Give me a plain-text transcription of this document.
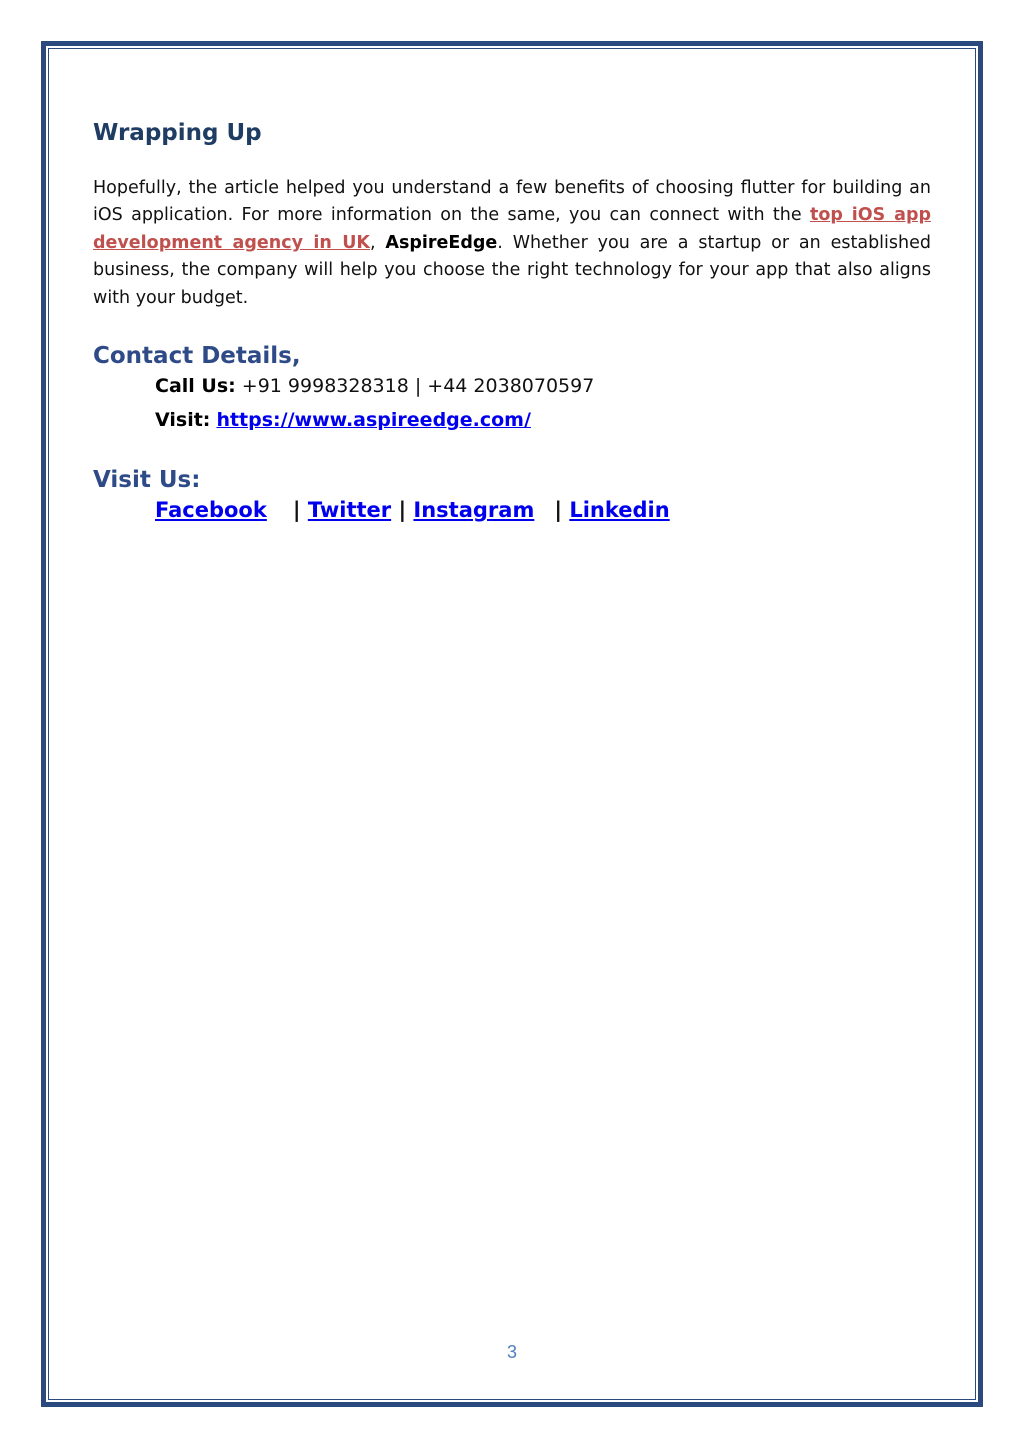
Wrapping Up

Hopefully, the article helped you understand a few benefits of choosing flutter for building an iOS application. For more information on the same, you can connect with the top iOS app development agency in UK, AspireEdge. Whether you are a startup or an established business, the company will help you choose the right technology for your app that also aligns with your budget.

Contact Details,
Call Us: +91 9998328318 | +44 2038070597
Visit: https://www.aspireedge.com/
Visit Us:
Facebook | Twitter | Instagram | Linkedin
3
